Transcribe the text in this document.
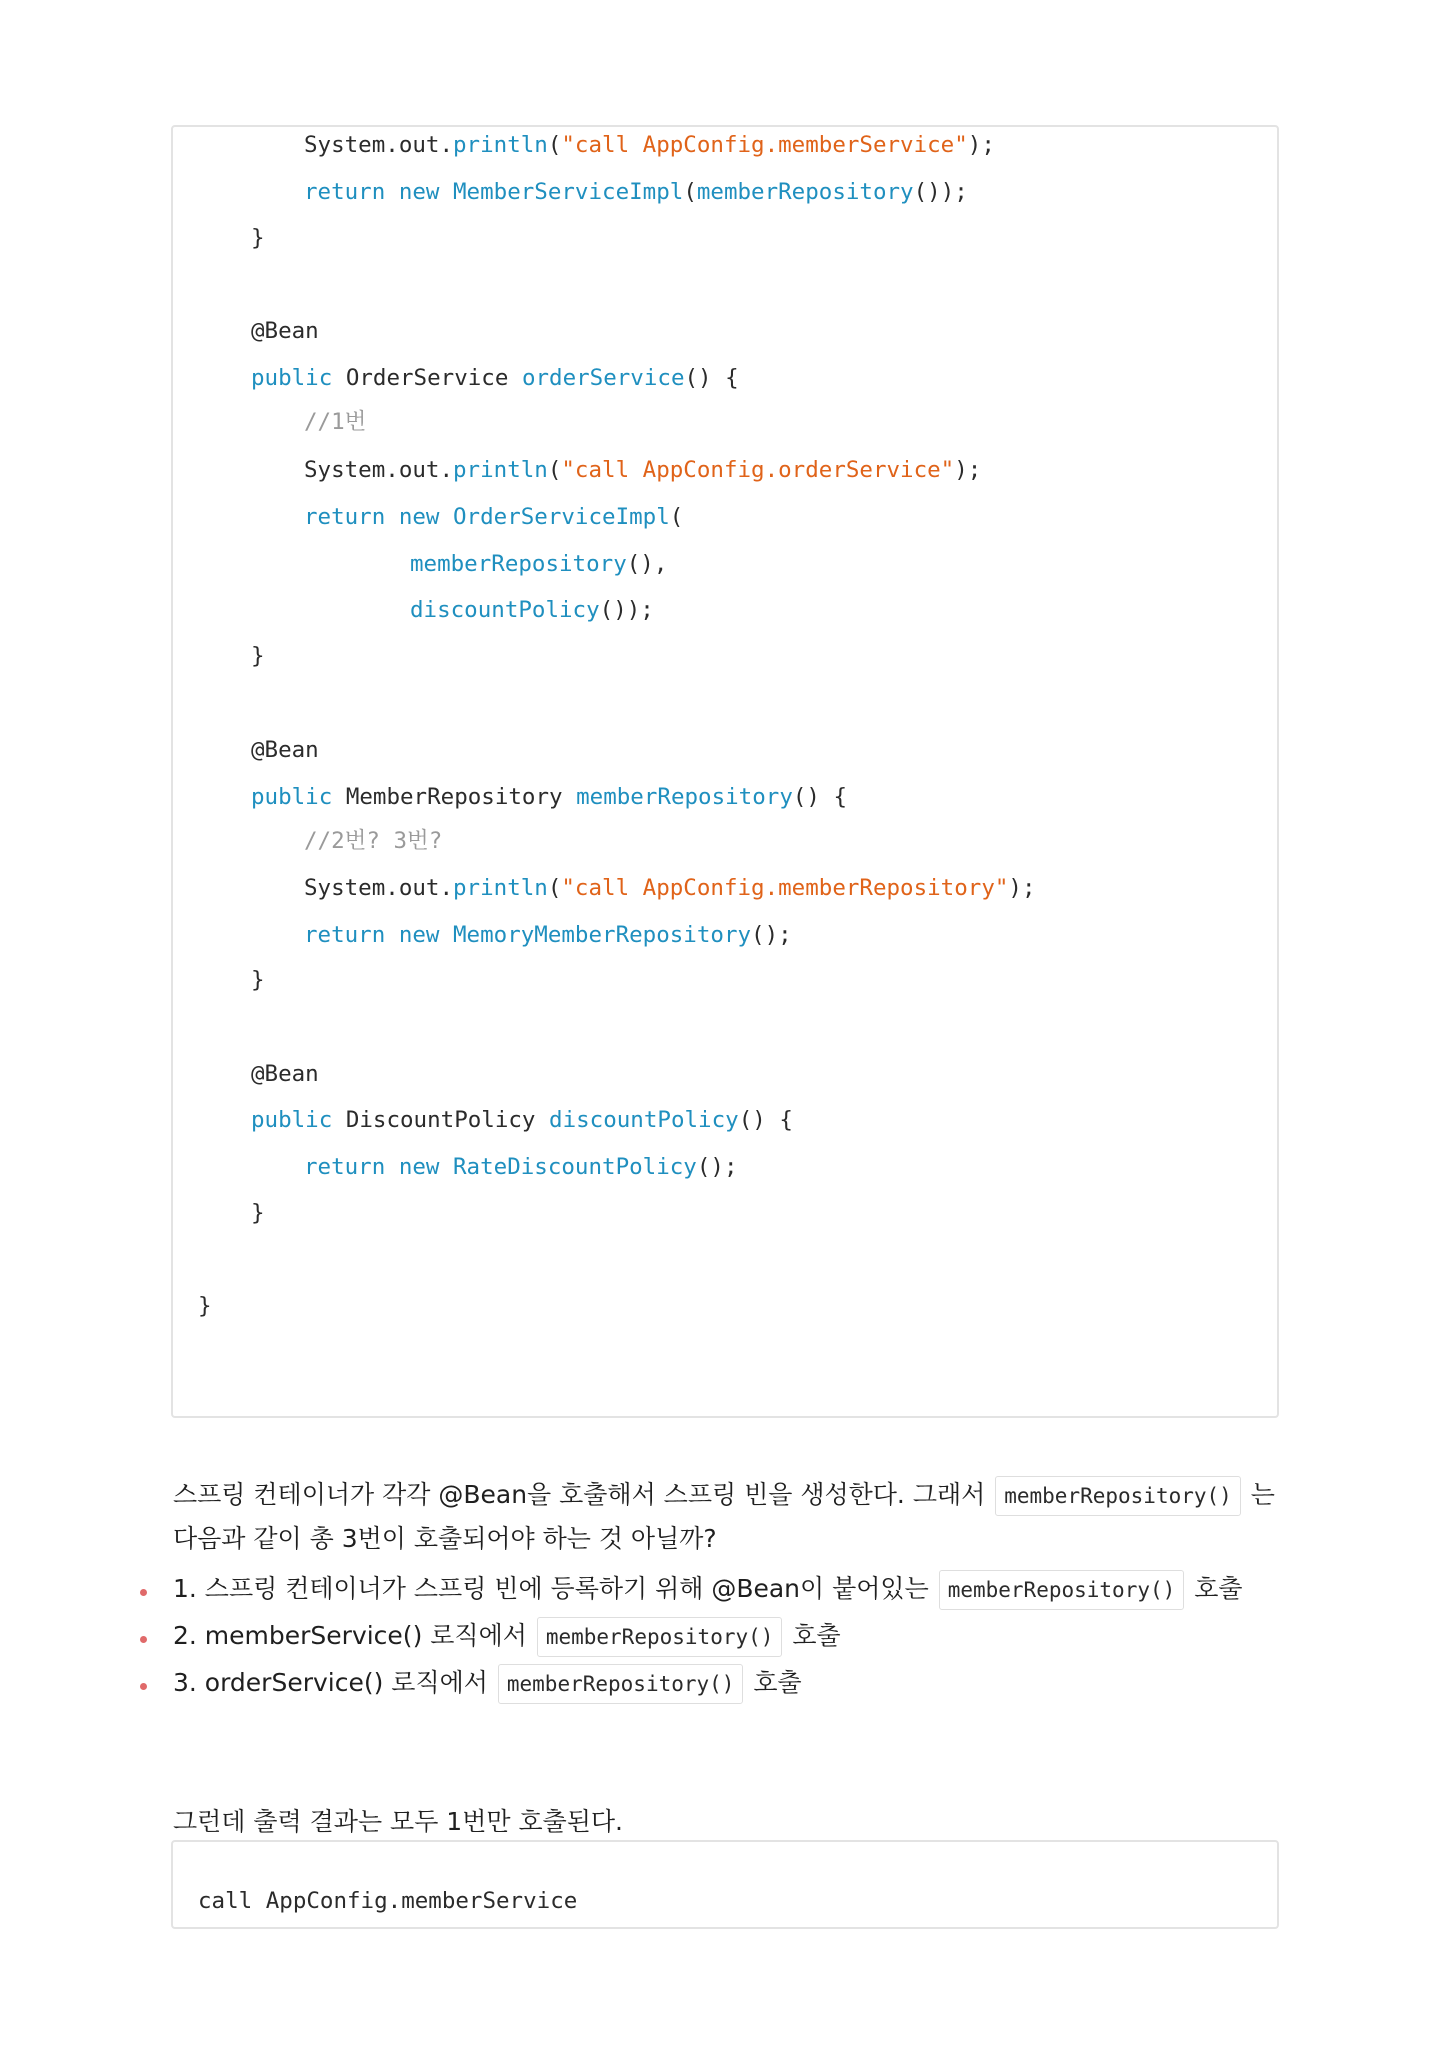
System.out.println("call AppConfig.memberService");
return new MemberServiceImpl(memberRepository());
}
@Bean
public OrderService orderService() {
//1번
System.out.println("call AppConfig.orderService");
return new OrderServiceImpl(
memberRepository(),
discountPolicy());
}
@Bean
public MemberRepository memberRepository() {
//2번? 3번?
System.out.println("call AppConfig.memberRepository");
return new MemoryMemberRepository();
}
@Bean
public DiscountPolicy discountPolicy() {
return new RateDiscountPolicy();
}
}
스프링 컨테이너가 각각 @Bean을 호출해서 스프링 빈을 생성한다. 그래서 memberRepository() 는
다음과 같이 총 3번이 호출되어야 하는 것 아닐까?
1. 스프링 컨테이너가 스프링 빈에 등록하기 위해 @Bean이 붙어있는 memberRepository() 호출
2. memberService() 로직에서 memberRepository() 호출
3. orderService() 로직에서 memberRepository() 호출
그런데 출력 결과는 모두 1번만 호출된다.
call AppConfig.memberService
